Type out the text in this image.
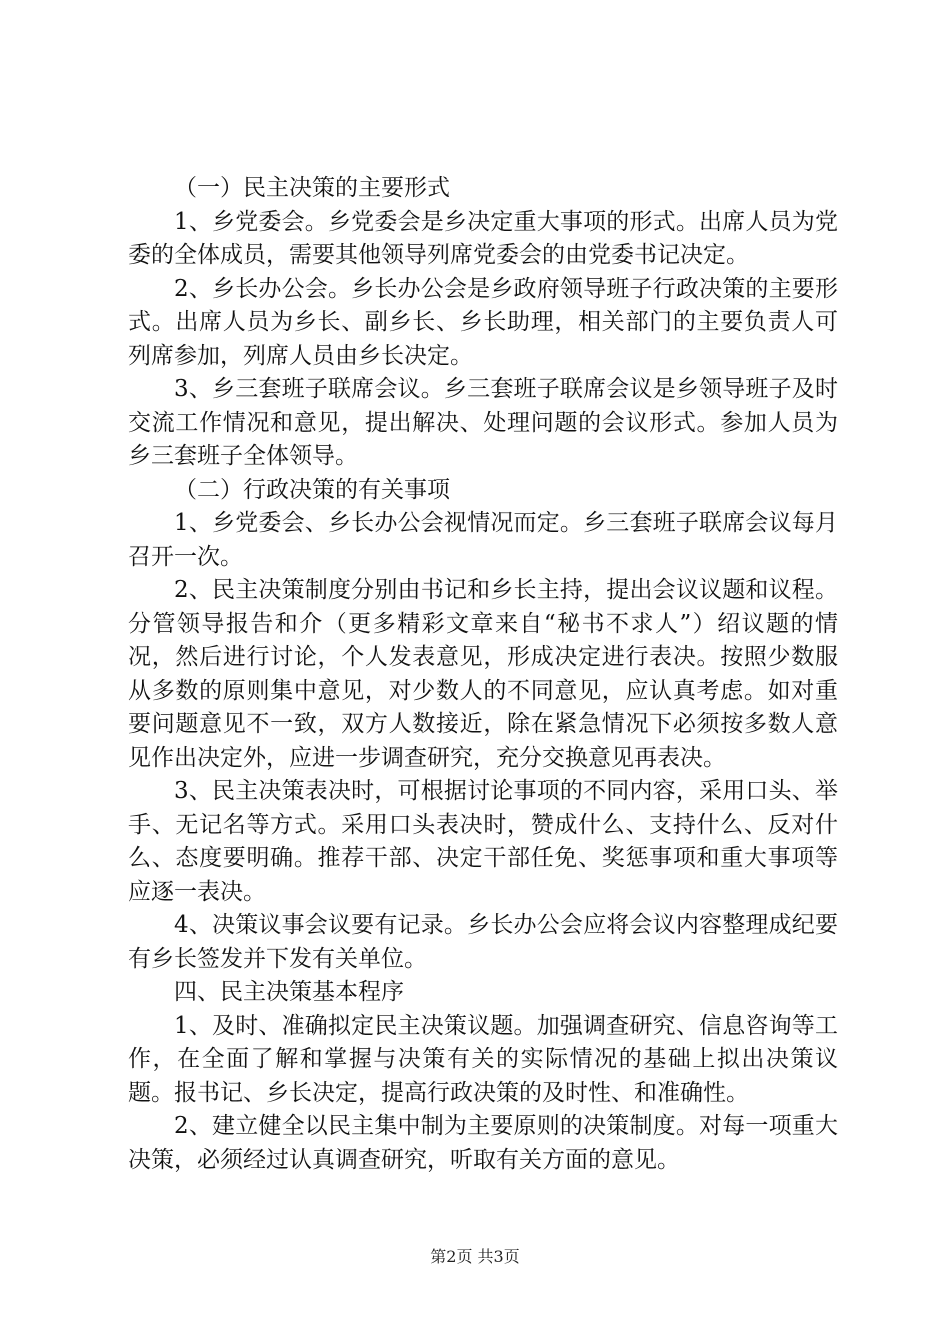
（一）民主决策的主要形式

1、乡党委会。乡党委会是乡决定重大事项的形式。出席人员为党委的全体成员，需要其他领导列席党委会的由党委书记决定。

2、乡长办公会。乡长办公会是乡政府领导班子行政决策的主要形式。出席人员为乡长、副乡长、乡长助理，相关部门的主要负责人可列席参加，列席人员由乡长决定。

3、乡三套班子联席会议。乡三套班子联席会议是乡领导班子及时交流工作情况和意见，提出解决、处理问题的会议形式。参加人员为乡三套班子全体领导。

（二）行政决策的有关事项

1、乡党委会、乡长办公会视情况而定。乡三套班子联席会议每月召开一次。

2、民主决策制度分别由书记和乡长主持，提出会议议题和议程。分管领导报告和介（更多精彩文章来自“秘书不求人”）绍议题的情况，然后进行讨论，个人发表意见，形成决定进行表决。按照少数服从多数的原则集中意见，对少数人的不同意见，应认真考虑。如对重要问题意见不一致，双方人数接近，除在紧急情况下必须按多数人意见作出决定外，应进一步调查研究，充分交换意见再表决。

3、民主决策表决时，可根据讨论事项的不同内容，采用口头、举手、无记名等方式。采用口头表决时，赞成什么、支持什么、反对什么、态度要明确。推荐干部、决定干部任免、奖惩事项和重大事项等应逐一表决。

4、决策议事会议要有记录。乡长办公会应将会议内容整理成纪要有乡长签发并下发有关单位。

四、民主决策基本程序

1、及时、准确拟定民主决策议题。加强调查研究、信息咨询等工作，在全面了解和掌握与决策有关的实际情况的基础上拟出决策议题。报书记、乡长决定，提高行政决策的及时性、和准确性。

2、建立健全以民主集中制为主要原则的决策制度。对每一项重大决策，必须经过认真调查研究，听取有关方面的意见。

第2页 共3页
